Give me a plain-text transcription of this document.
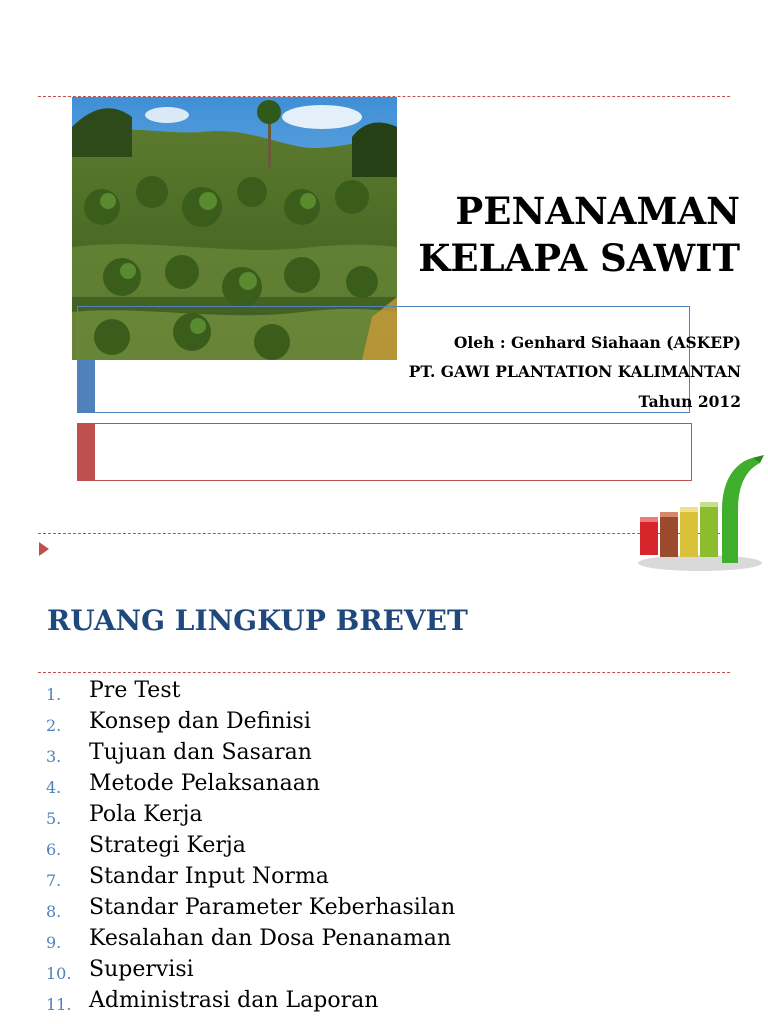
PENANAMAN
KELAPA SAWIT
Oleh : Genhard Siahaan (ASKEP)
PT. GAWI PLANTATION KALIMANTAN
Tahun 2012
RUANG LINGKUP BREVET
1. Pre Test
2. Konsep dan Definisi
3. Tujuan dan Sasaran
4. Metode Pelaksanaan
5. Pola Kerja
6. Strategi Kerja
7. Standar Input Norma
8. Standar Parameter Keberhasilan
9. Kesalahan dan Dosa Penanaman
10. Supervisi
11. Administrasi dan Laporan
